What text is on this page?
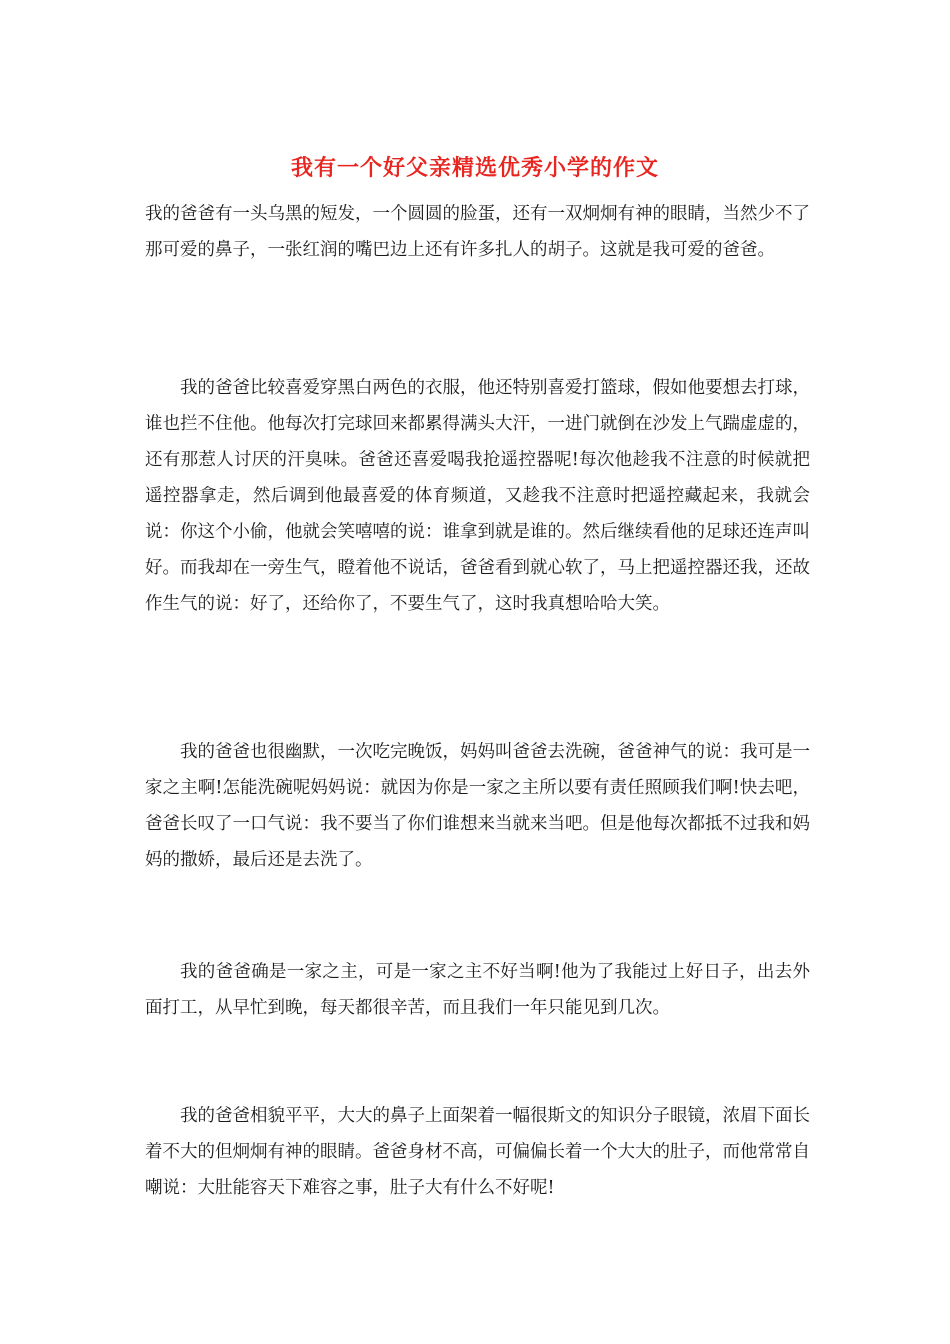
我有一个好父亲精选优秀小学的作文

我的爸爸有一头乌黑的短发，一个圆圆的脸蛋，还有一双炯炯有神的眼睛，当然少不了那可爱的鼻子，一张红润的嘴巴边上还有许多扎人的胡子。这就是我可爱的爸爸。

我的爸爸比较喜爱穿黑白两色的衣服，他还特别喜爱打篮球，假如他要想去打球，谁也拦不住他。他每次打完球回来都累得满头大汗，一进门就倒在沙发上气踹虚虚的，还有那惹人讨厌的汗臭味。爸爸还喜爱喝我抢遥控器呢!每次他趁我不注意的时候就把遥控器拿走，然后调到他最喜爱的体育频道，又趁我不注意时把遥控藏起来，我就会说：你这个小偷，他就会笑嘻嘻的说：谁拿到就是谁的。然后继续看他的足球还连声叫好。而我却在一旁生气，瞪着他不说话，爸爸看到就心软了，马上把遥控器还我，还故作生气的说：好了，还给你了，不要生气了，这时我真想哈哈大笑。

我的爸爸也很幽默，一次吃完晚饭，妈妈叫爸爸去洗碗，爸爸神气的说：我可是一家之主啊!怎能洗碗呢妈妈说：就因为你是一家之主所以要有责任照顾我们啊!快去吧，爸爸长叹了一口气说：我不要当了你们谁想来当就来当吧。但是他每次都抵不过我和妈妈的撒娇，最后还是去洗了。

我的爸爸确是一家之主，可是一家之主不好当啊!他为了我能过上好日子，出去外面打工，从早忙到晚，每天都很辛苦，而且我们一年只能见到几次。

我的爸爸相貌平平，大大的鼻子上面架着一幅很斯文的知识分子眼镜，浓眉下面长着不大的但炯炯有神的眼睛。爸爸身材不高，可偏偏长着一个大大的肚子，而他常常自嘲说：大肚能容天下难容之事，肚子大有什么不好呢!
